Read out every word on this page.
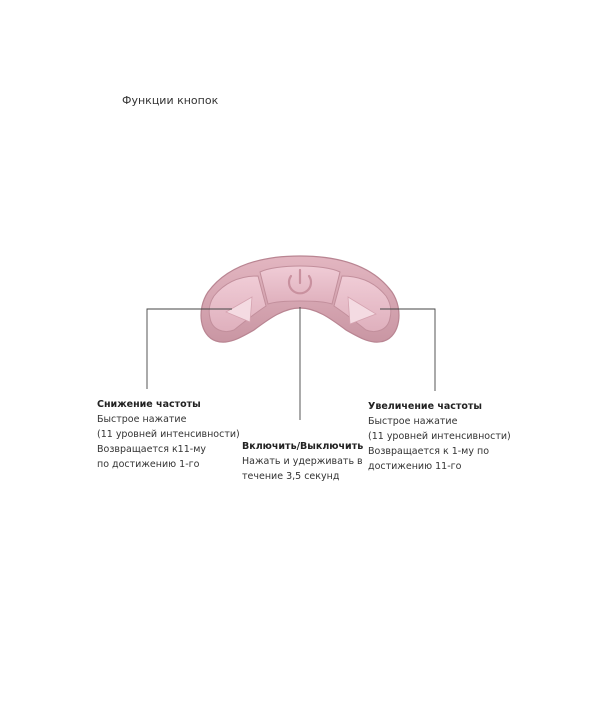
Функции кнопок
Снижение частоты
Быстрое нажатие
(11 уровней интенсивности)
Возвращается к11-му
по достижению 1-го
Включить/Выключить
Нажать и удерживать в
течение 3,5 секунд
Увеличение частоты
Быстрое нажатие
(11 уровней интенсивности)
Возвращается к 1-му по
достижению 11-го
